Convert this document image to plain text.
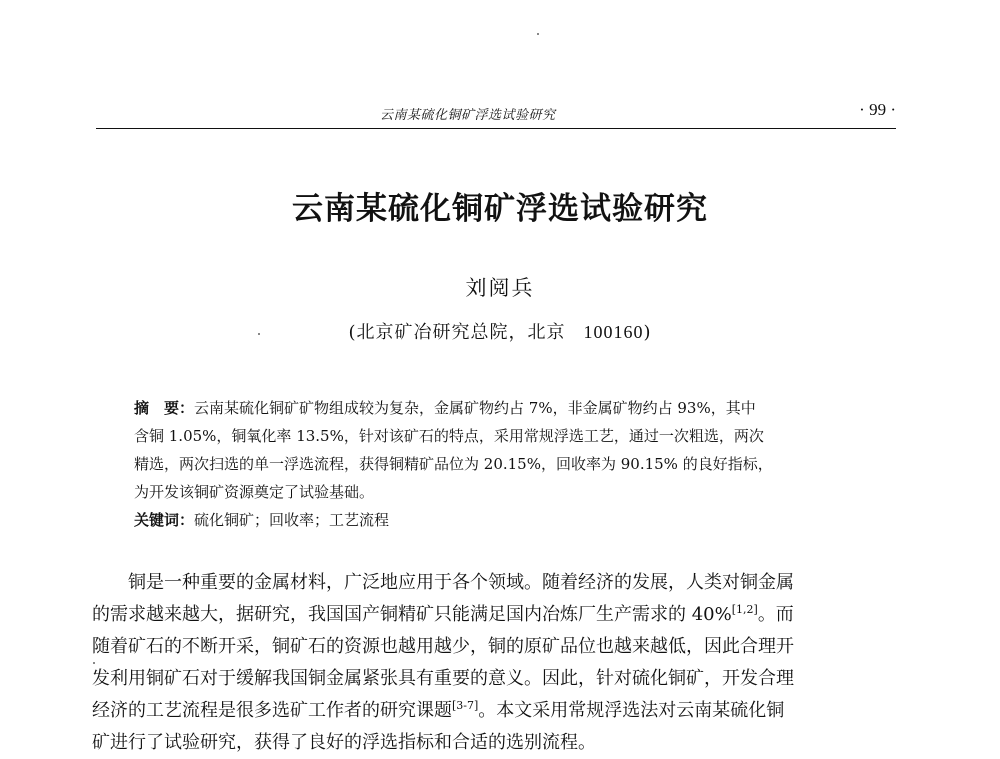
云南某硫化铜矿浮选试验研究	· 99 ·
云南某硫化铜矿浮选试验研究
刘阅兵
(北京矿冶研究总院，北京 100160)
摘　要：云南某硫化铜矿矿物组成较为复杂，金属矿物约占 7%，非金属矿物约占 93%，其中
含铜 1.05%，铜氧化率 13.5%，针对该矿石的特点，采用常规浮选工艺，通过一次粗选，两次
精选，两次扫选的单一浮选流程，获得铜精矿品位为 20.15%，回收率为 90.15% 的良好指标，
为开发该铜矿资源奠定了试验基础。
关键词：硫化铜矿；回收率；工艺流程
铜是一种重要的金属材料，广泛地应用于各个领域。随着经济的发展，人类对铜金属
的需求越来越大，据研究，我国国产铜精矿只能满足国内冶炼厂生产需求的 40%[1,2]。而
随着矿石的不断开采，铜矿石的资源也越用越少，铜的原矿品位也越来越低，因此合理开
发利用铜矿石对于缓解我国铜金属紧张具有重要的意义。因此，针对硫化铜矿，开发合理
经济的工艺流程是很多选矿工作者的研究课题[3-7]。本文采用常规浮选法对云南某硫化铜
矿进行了试验研究，获得了良好的浮选指标和合适的选别流程。
